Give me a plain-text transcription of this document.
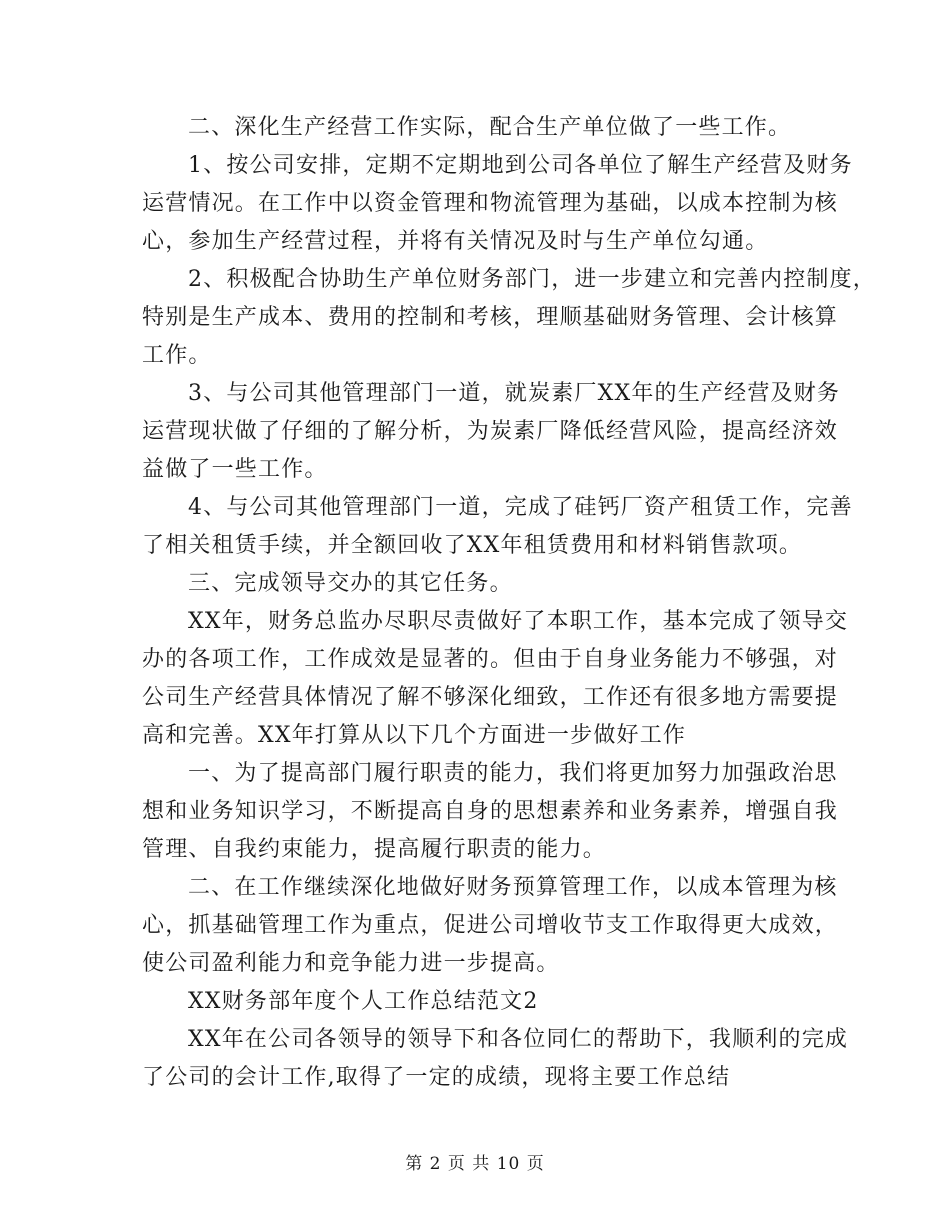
二、深化生产经营工作实际，配合生产单位做了一些工作。
1、按公司安排，定期不定期地到公司各单位了解生产经营及财务
运营情况。在工作中以资金管理和物流管理为基础，以成本控制为核
心，参加生产经营过程，并将有关情况及时与生产单位勾通。
2、积极配合协助生产单位财务部门，进一步建立和完善内控制度，
特别是生产成本、费用的控制和考核，理顺基础财务管理、会计核算
工作。
3、与公司其他管理部门一道，就炭素厂XX年的生产经营及财务
运营现状做了仔细的了解分析，为炭素厂降低经营风险，提高经济效
益做了一些工作。
4、与公司其他管理部门一道，完成了硅钙厂资产租赁工作，完善
了相关租赁手续，并全额回收了XX年租赁费用和材料销售款项。
三、完成领导交办的其它任务。
XX年，财务总监办尽职尽责做好了本职工作，基本完成了领导交
办的各项工作，工作成效是显著的。但由于自身业务能力不够强，对
公司生产经营具体情况了解不够深化细致，工作还有很多地方需要提
高和完善。XX年打算从以下几个方面进一步做好工作
一、为了提高部门履行职责的能力，我们将更加努力加强政治思
想和业务知识学习，不断提高自身的思想素养和业务素养，增强自我
管理、自我约束能力，提高履行职责的能力。
二、在工作继续深化地做好财务预算管理工作，以成本管理为核
心，抓基础管理工作为重点，促进公司增收节支工作取得更大成效，
使公司盈利能力和竞争能力进一步提高。
XX财务部年度个人工作总结范文2
XX年在公司各领导的领导下和各位同仁的帮助下，我顺利的完成
了公司的会计工作,取得了一定的成绩，现将主要工作总结
第 2 页 共 10 页
